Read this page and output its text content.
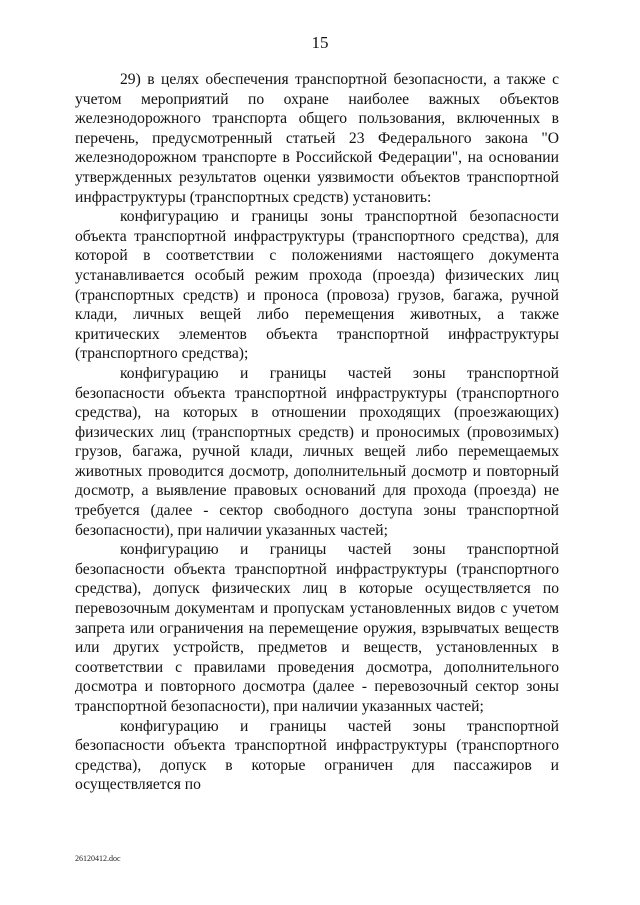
15

29) в целях обеспечения транспортной безопасности, а также с учетом мероприятий по охране наиболее важных объектов железнодорожного транспорта общего пользования, включенных в перечень, предусмотренный статьей 23 Федерального закона "О железнодорожном транспорте в Российской Федерации", на основании утвержденных результатов оценки уязвимости объектов транспортной инфраструктуры (транспортных средств) установить:

конфигурацию и границы зоны транспортной безопасности объекта транспортной инфраструктуры (транспортного средства), для которой в соответствии с положениями настоящего документа устанавливается особый режим прохода (проезда) физических лиц (транспортных средств) и проноса (провоза) грузов, багажа, ручной клади, личных вещей либо перемещения животных, а также критических элементов объекта транспортной инфраструктуры (транспортного средства);

конфигурацию и границы частей зоны транспортной безопасности объекта транспортной инфраструктуры (транспортного средства), на которых в отношении проходящих (проезжающих) физических лиц (транспортных средств) и проносимых (провозимых) грузов, багажа, ручной клади, личных вещей либо перемещаемых животных проводится досмотр, дополнительный досмотр и повторный досмотр, а выявление правовых оснований для прохода (проезда) не требуется (далее - сектор свободного доступа зоны транспортной безопасности), при наличии указанных частей;

конфигурацию и границы частей зоны транспортной безопасности объекта транспортной инфраструктуры (транспортного средства), допуск физических лиц в которые осуществляется по перевозочным документам и пропускам установленных видов с учетом запрета или ограничения на перемещение оружия, взрывчатых веществ или других устройств, предметов и веществ, установленных в соответствии с правилами проведения досмотра, дополнительного досмотра и повторного досмотра (далее - перевозочный сектор зоны транспортной безопасности), при наличии указанных частей;

конфигурацию и границы частей зоны транспортной безопасности объекта транспортной инфраструктуры (транспортного средства), допуск в которые ограничен для пассажиров и осуществляется по

26120412.doc
